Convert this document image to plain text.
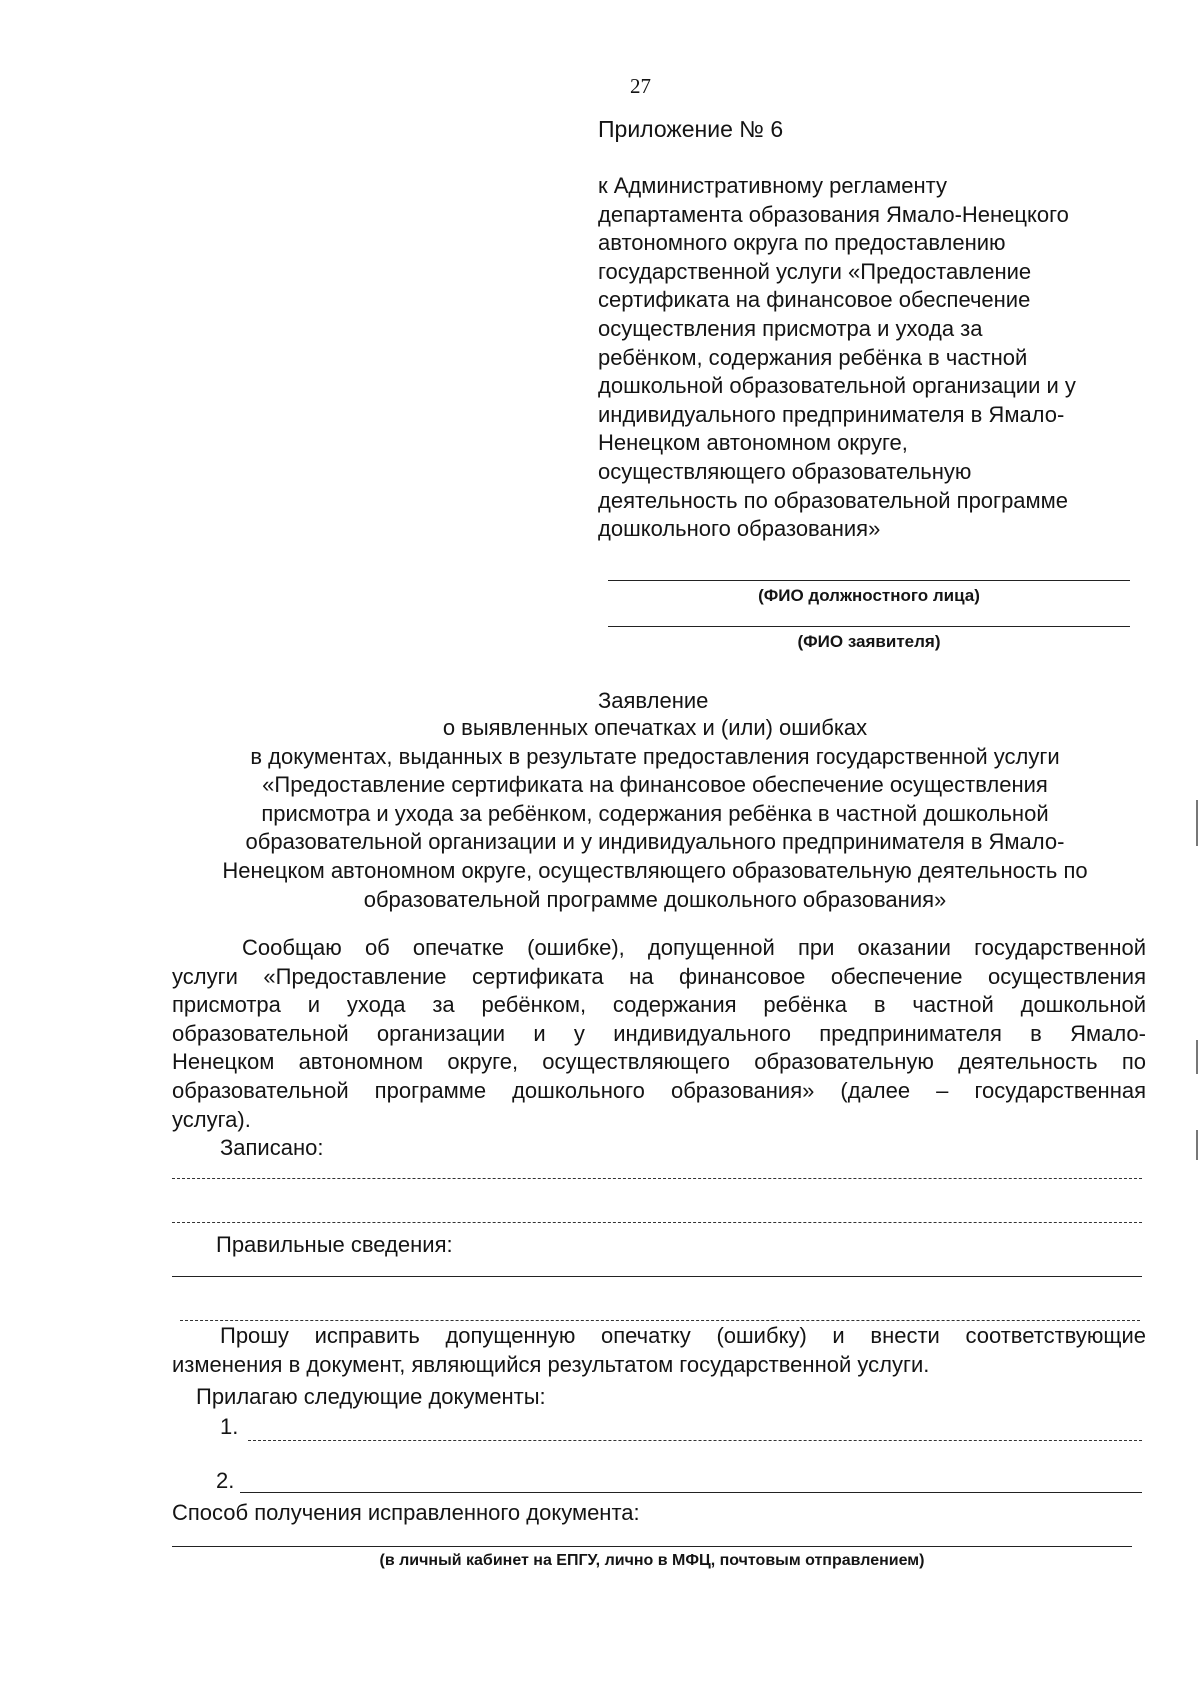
27
Приложение № 6
к Административному регламенту
департамента образования Ямало-Ненецкого
автономного округа по предоставлению
государственной услуги «Предоставление
сертификата на финансовое обеспечение
осуществления присмотра и ухода за
ребёнком, содержания ребёнка в частной
дошкольной образовательной организации и у
индивидуального предпринимателя в Ямало-
Ненецком автономном округе,
осуществляющего образовательную
деятельность по образовательной программе
дошкольного образования»
(ФИО должностного лица)
(ФИО заявителя)
Заявление
о выявленных опечатках и (или) ошибках
в документах, выданных в результате предоставления государственной услуги
«Предоставление сертификата на финансовое обеспечение осуществления
присмотра и ухода за ребёнком, содержания ребёнка в частной дошкольной
образовательной организации и у индивидуального предпринимателя в Ямало-
Ненецком автономном округе, осуществляющего образовательную деятельность по
образовательной программе дошкольного образования»
Сообщаю об опечатке (ошибке), допущенной при оказании государственной
услуги «Предоставление сертификата на финансовое обеспечение осуществления
присмотра и ухода за ребёнком, содержания ребёнка в частной дошкольной
образовательной организации и у индивидуального предпринимателя в Ямало-
Ненецком автономном округе, осуществляющего образовательную деятельность по
образовательной программе дошкольного образования» (далее – государственная
услуга).
Записано:
Правильные сведения:
Прошу исправить допущенную опечатку (ошибку) и внести соответствующие
изменения в документ, являющийся результатом государственной услуги.
Прилагаю следующие документы:
1.
2.
Способ получения исправленного документа:
(в личный кабинет на ЕПГУ, лично в МФЦ, почтовым отправлением)
